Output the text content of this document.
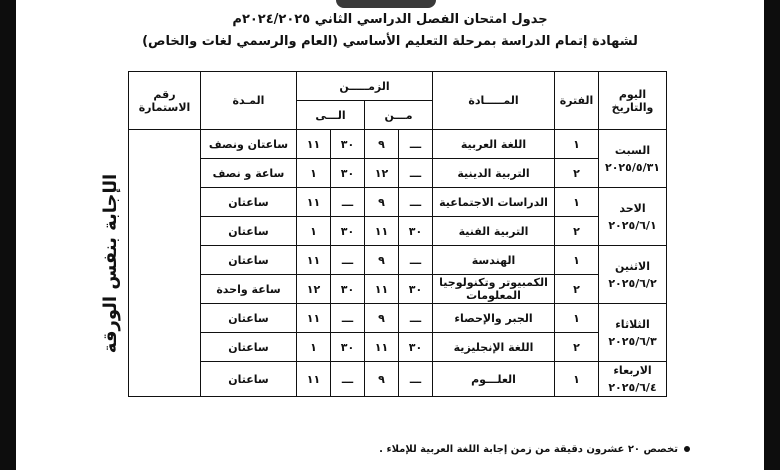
جدول امتحان الفصل الدراسي الثاني ٢٠٢٤/٢٠٢٥م
لشهادة إتمام الدراسة بمرحلة التعليم الأساسي (العام والرسمي لغات والخاص)
اليوم والتاريخ	الفترة	المـــــادة	الزمـــــن				المـدة	رقم الاستمارة
			مـــن		الـــى			

السبت
٢٠٢٥/٥/٣١	١	اللغة العربية	ـــ	٩	٣٠	١١	ساعتان ونصف	الإجابة بنفس الورقة
	٢	التربية الدينية	ـــ	١٢	٣٠	١	ساعة و نصف	

الاحد
٢٠٢٥/٦/١	١	الدراسات الاجتماعية	ـــ	٩	ـــ	١١	ساعتان	
	٢	التربية الفنية	٣٠	١١	٣٠	١	ساعتان	

الاثنين
٢٠٢٥/٦/٢	١	الهندسة	ـــ	٩	ـــ	١١	ساعتان	
	٢	الكمبيوتر وتكنولوجيا المعلومات	٣٠	١١	٣٠	١٢	ساعة واحدة	

الثلاثاء
٢٠٢٥/٦/٣	١	الجبر والإحصاء	ـــ	٩	ـــ	١١	ساعتان	
	٢	اللغة الإنجليزية	٣٠	١١	٣٠	١	ساعتان	

الاربعاء
٢٠٢٥/٦/٤	١	العلـــوم	ـــ	٩	ـــ	١١	ساعتان	
تخصص ٢٠ عشرون دقيقة من زمن إجابة اللغة العربية للإملاء .
